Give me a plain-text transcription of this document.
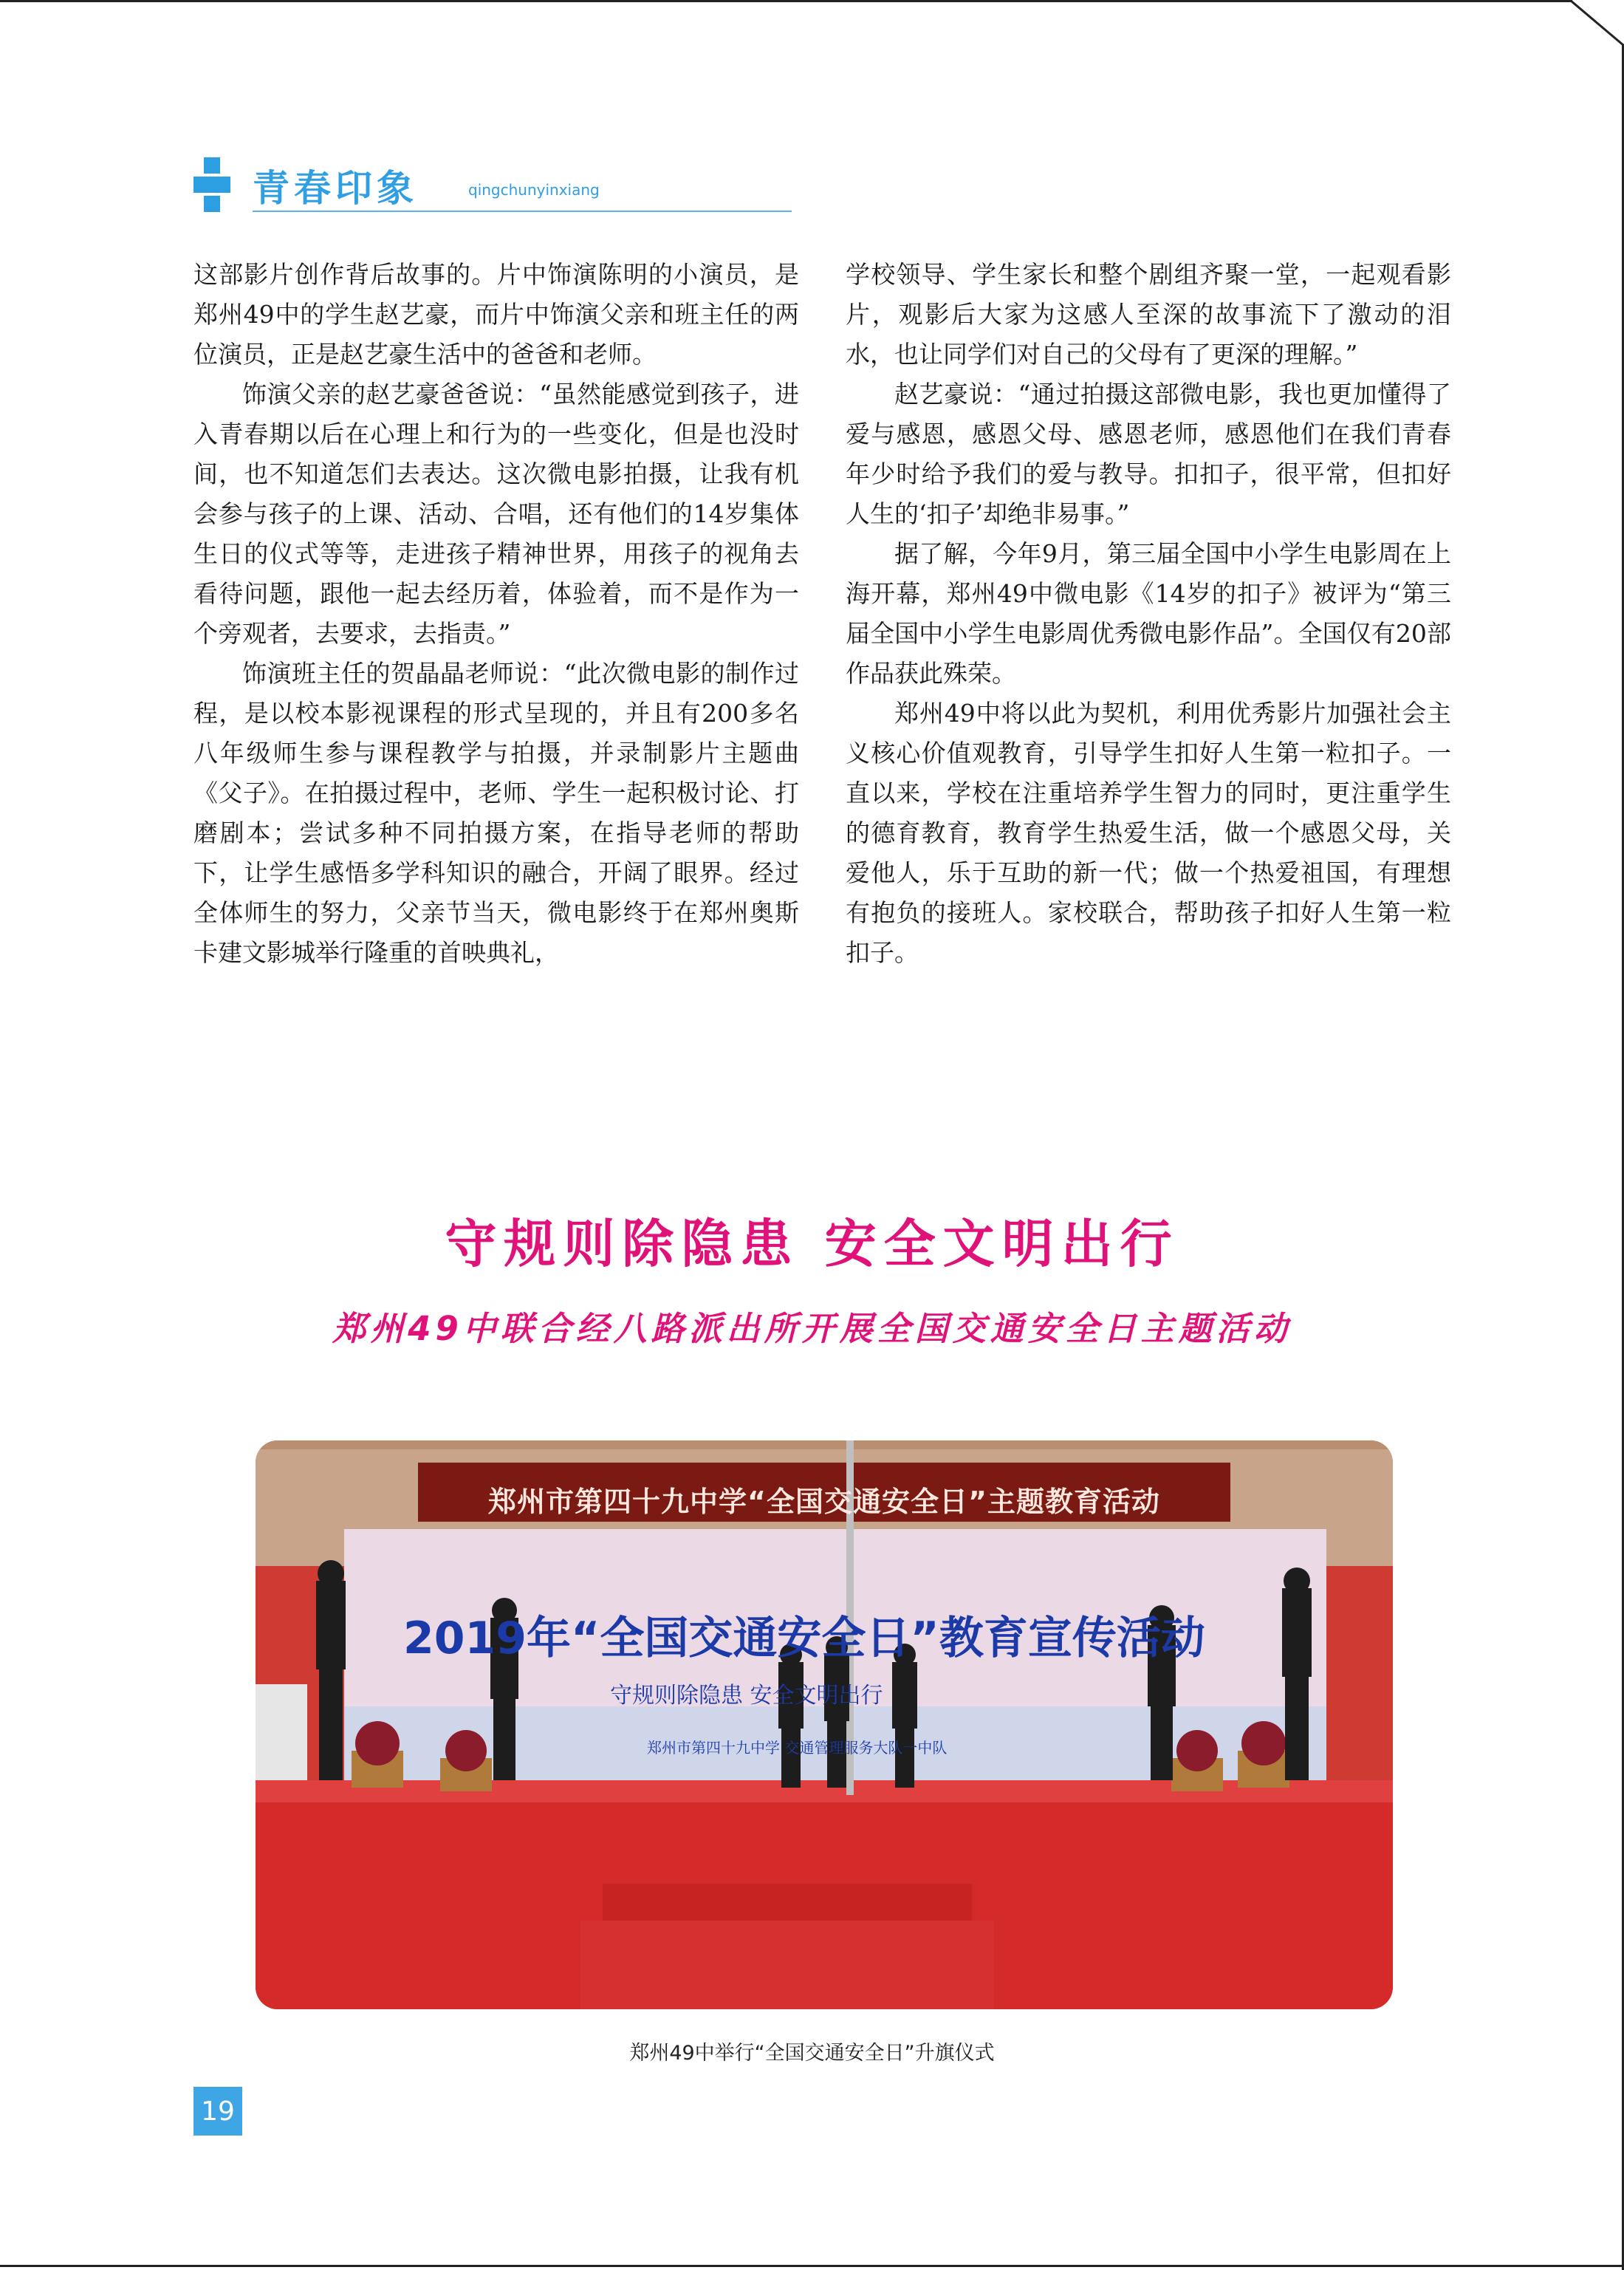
青春印象	qingchunyinxiang

这部影片创作背后故事的。片中饰演陈明的小演员，是郑州49中的学生赵艺豪，而片中饰演父亲和班主任的两位演员，正是赵艺豪生活中的爸爸和老师。

饰演父亲的赵艺豪爸爸说：“虽然能感觉到孩子，进入青春期以后在心理上和行为的一些变化，但是也没时间，也不知道怎们去表达。这次微电影拍摄，让我有机会参与孩子的上课、活动、合唱，还有他们的14岁集体生日的仪式等等，走进孩子精神世界，用孩子的视角去看待问题，跟他一起去经历着，体验着，而不是作为一个旁观者，去要求，去指责。”

饰演班主任的贺晶晶老师说：“此次微电影的制作过程，是以校本影视课程的形式呈现的，并且有200多名八年级师生参与课程教学与拍摄，并录制影片主题曲《父子》。在拍摄过程中，老师、学生一起积极讨论、打磨剧本；尝试多种不同拍摄方案，在指导老师的帮助下，让学生感悟多学科知识的融合，开阔了眼界。经过全体师生的努力，父亲节当天，微电影终于在郑州奥斯卡建文影城举行隆重的首映典礼，

学校领导、学生家长和整个剧组齐聚一堂，一起观看影片，观影后大家为这感人至深的故事流下了激动的泪水，也让同学们对自己的父母有了更深的理解。”

赵艺豪说：“通过拍摄这部微电影，我也更加懂得了爱与感恩，感恩父母、感恩老师，感恩他们在我们青春年少时给予我们的爱与教导。扣扣子，很平常，但扣好人生的‘扣子’却绝非易事。”

据了解，今年9月，第三届全国中小学生电影周在上海开幕，郑州49中微电影《14岁的扣子》被评为“第三届全国中小学生电影周优秀微电影作品”。全国仅有20部作品获此殊荣。

郑州49中将以此为契机，利用优秀影片加强社会主义核心价值观教育，引导学生扣好人生第一粒扣子。一直以来，学校在注重培养学生智力的同时，更注重学生的德育教育，教育学生热爱生活，做一个感恩父母，关爱他人，乐于互助的新一代；做一个热爱祖国，有理想有抱负的接班人。家校联合，帮助孩子扣好人生第一粒扣子。

守规则除隐患 安全文明出行
郑州49中联合经八路派出所开展全国交通安全日主题活动
郑州市第四十九中学“全国交通安全日”主题教育活动
2019年“全国交通安全日”教育宣传活动
守规则除隐患 安全文明出行
郑州市第四十九中学 交通管理服务大队一中队
郑州49中举行“全国交通安全日”升旗仪式
19
